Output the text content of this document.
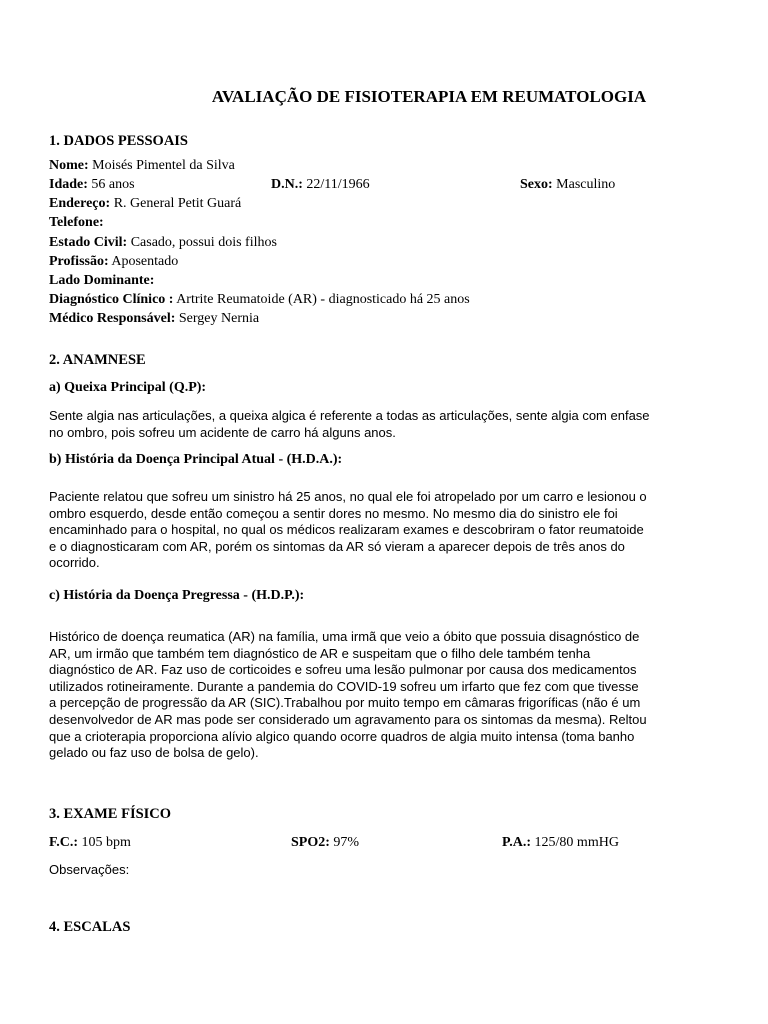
AVALIAÇÃO DE FISIOTERAPIA EM REUMATOLOGIA
1. DADOS PESSOAIS
Nome: Moisés Pimentel da Silva
Idade: 56 anos	D.N.: 22/11/1966	Sexo: Masculino
Endereço: R. General Petit Guará
Telefone:
Estado Civil: Casado, possui dois filhos
Profissão: Aposentado
Lado Dominante:
Diagnóstico Clínico : Artrite Reumatoide (AR) - diagnosticado há 25 anos
Médico Responsável: Sergey Nernia
2. ANAMNESE
a) Queixa Principal (Q.P):
Sente algia nas articulações, a queixa algica é referente a todas as articulações, sente algia com enfase
no ombro, pois sofreu um acidente de carro há alguns anos.
b) História da Doença Principal Atual - (H.D.A.):
Paciente relatou que sofreu um sinistro há 25 anos, no qual ele foi atropelado por um carro e lesionou o
ombro esquerdo, desde então começou a sentir dores no mesmo. No mesmo dia do sinistro ele foi
encaminhado para o hospital, no qual os médicos realizaram exames e descobriram o fator reumatoide
e o diagnosticaram com AR, porém os sintomas da AR só vieram a aparecer depois de três anos do
ocorrido.
c) História da Doença Pregressa - (H.D.P.):
Histórico de doença reumatica (AR) na família, uma irmã que veio a óbito que possuia disagnóstico de
AR, um irmão que também tem diagnóstico de AR e suspeitam que o filho dele também tenha
diagnóstico de AR. Faz uso de corticoides e sofreu uma lesão pulmonar por causa dos medicamentos
utilizados rotineiramente. Durante a pandemia do COVID-19 sofreu um irfarto que fez com que tivesse
a percepção de progressão da AR (SIC).Trabalhou por muito tempo em câmaras frigoríficas (não é um
desenvolvedor de AR mas pode ser considerado um agravamento para os sintomas da mesma). Reltou
que a crioterapia proporciona alívio algico quando ocorre quadros de algia muito intensa (toma banho
gelado ou faz uso de bolsa de gelo).
3. EXAME FÍSICO
F.C.: 105 bpm	SPO2: 97%	P.A.: 125/80 mmHG
Observações:
4. ESCALAS
